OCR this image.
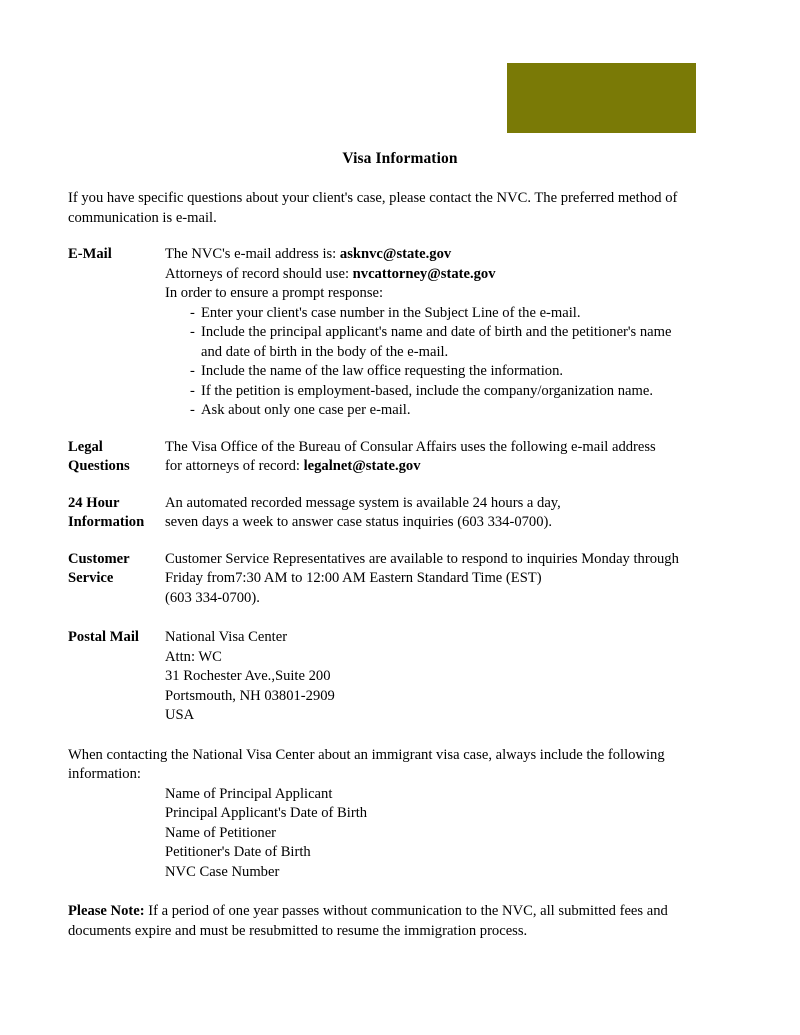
Visa Information

If you have specific questions about your client's case, please contact the NVC. The preferred method of
communication is e-mail.

E-Mail	The NVC's e-mail address is: asknvc@state.gov
Attorneys of record should use: nvcattorney@state.gov
In order to ensure a prompt response:
- Enter your client's case number in the Subject Line of the e-mail.
- Include the principal applicant's name and date of birth and the petitioner's name
and date of birth in the body of the e-mail.
- Include the name of the law office requesting the information.
- If the petition is employment-based, include the company/organization name.
- Ask about only one case per e-mail.
Legal
Questions
The Visa Office of the Bureau of Consular Affairs uses the following e-mail address
for attorneys of record: legalnet@state.gov
24 Hour
Information
An automated recorded message system is available 24 hours a day,
seven days a week to answer case status inquiries (603 334-0700).
Customer
Service
Customer Service Representatives are available to respond to inquiries Monday through
Friday from7:30 AM to 12:00 AM Eastern Standard Time (EST)
(603 334-0700).
Postal Mail	National Visa Center
Attn: WC
31 Rochester Ave.,Suite 200
Portsmouth, NH 03801-2909
USA

When contacting the National Visa Center about an immigrant visa case, always include the following
information:

Name of Principal Applicant
Principal Applicant's Date of Birth
Name of Petitioner
Petitioner's Date of Birth
NVC Case Number

Please Note: If a period of one year passes without communication to the NVC, all submitted fees and
documents expire and must be resubmitted to resume the immigration process.
